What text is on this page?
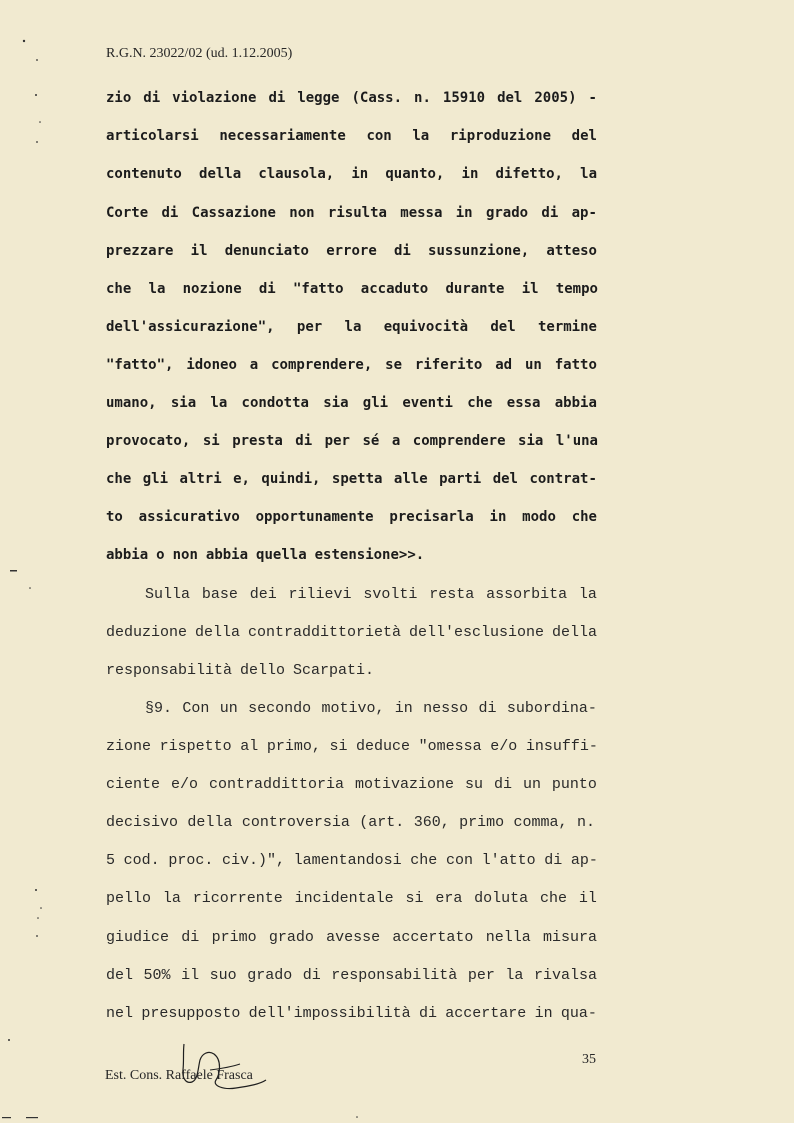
R.G.N. 23022/02 (ud. 1.12.2005)
zio di violazione di legge (Cass. n. 15910 del 2005) -
articolarsi necessariamente con la riproduzione del
contenuto della clausola, in quanto, in difetto, la
Corte di Cassazione non risulta messa in grado di ap-
prezzare il denunciato errore di sussunzione, atteso
che la nozione di "fatto accaduto durante il tempo
dell'assicurazione", per la equivocità del termine
"fatto", idoneo a comprendere, se riferito ad un fatto
umano, sia la condotta sia gli eventi che essa abbia
provocato, si presta di per sé a comprendere sia l'una
che gli altri e, quindi, spetta alle parti del contrat-
to assicurativo opportunamente precisarla in modo che
abbia o non abbia quella estensione>>.
Sulla base dei rilievi svolti resta assorbita la
deduzione della contraddittorietà dell'esclusione della
responsabilità dello Scarpati.
§9. Con un secondo motivo, in nesso di subordina-
zione rispetto al primo, si deduce "omessa e/o insuffi-
ciente e/o contraddittoria motivazione su di un punto
decisivo della controversia (art. 360, primo comma, n.
5 cod. proc. civ.)", lamentandosi che con l'atto di ap-
pello la ricorrente incidentale si era doluta che il
giudice di primo grado avesse accertato nella misura
del 50% il suo grado di responsabilità per la rivalsa
nel presupposto dell'impossibilità di accertare in qua-
Est. Cons. Raffaele Frasca
35
